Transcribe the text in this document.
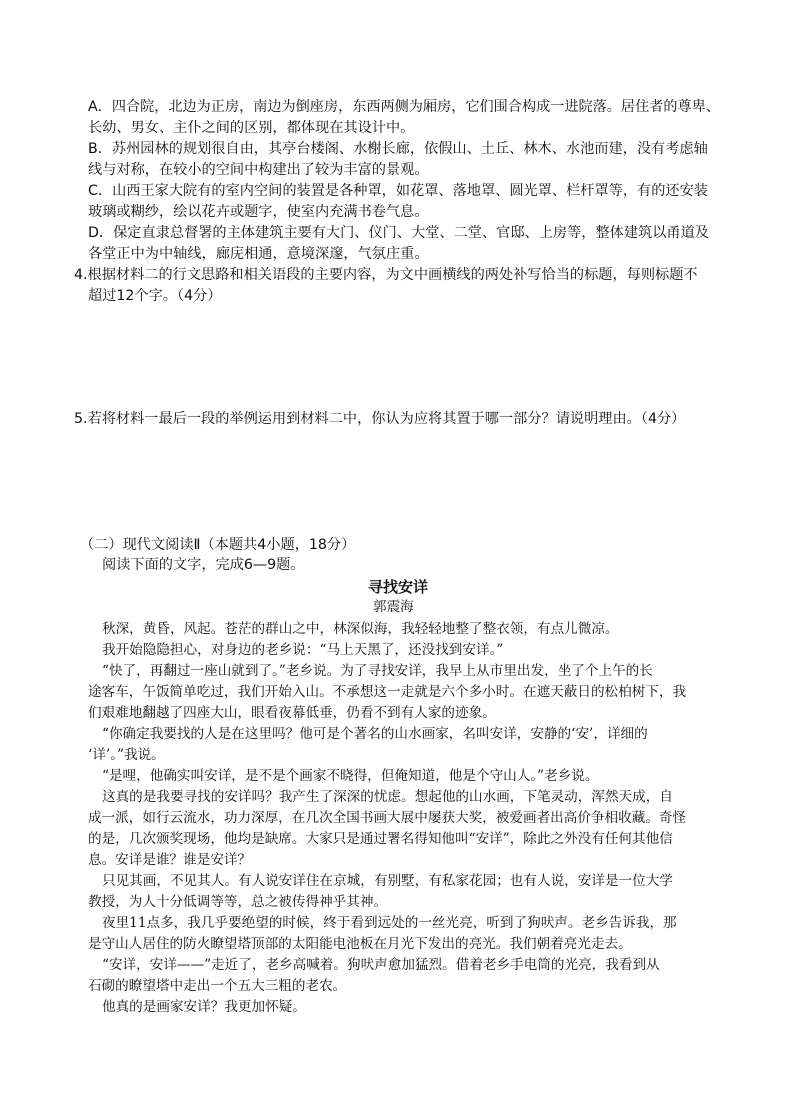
A．四合院，北边为正房，南边为倒座房，东西两侧为厢房，它们围合构成一进院落。居住者的尊卑、
长幼、男女、主仆之间的区别，都体现在其设计中。
B．苏州园林的规划很自由，其亭台楼阁、水榭长廊，依假山、土丘、林木、水池而建，没有考虑轴
线与对称，在较小的空间中构建出了较为丰富的景观。
C．山西王家大院有的室内空间的装置是各种罩，如花罩、落地罩、圆光罩、栏杆罩等，有的还安装
玻璃或糊纱，绘以花卉或题字，使室内充满书卷气息。
D．保定直隶总督署的主体建筑主要有大门、仪门、大堂、二堂、官邸、上房等，整体建筑以甬道及
各堂正中为中轴线，廊庑相通，意境深邃，气氛庄重。
4.根据材料二的行文思路和相关语段的主要内容，为文中画横线的两处补写恰当的标题，每则标题不
超过12个字。（4分）
5.若将材料一最后一段的举例运用到材料二中，你认为应将其置于哪一部分？请说明理由。（4分）
（二）现代文阅读Ⅱ（本题共4小题，18分）
阅读下面的文字，完成6—9题。
寻找安详
郭震海
秋深，黄昏，风起。苍茫的群山之中，林深似海，我轻轻地整了整衣领，有点儿微凉。
我开始隐隐担心，对身边的老乡说：“马上天黑了，还没找到安详。”
“快了，再翻过一座山就到了。”老乡说。为了寻找安详，我早上从市里出发，坐了个上午的长
途客车，午饭简单吃过，我们开始入山。不承想这一走就是六个多小时。在遮天蔽日的松柏树下，我
们艰难地翻越了四座大山，眼看夜幕低垂，仍看不到有人家的迹象。
“你确定我要找的人是在这里吗？他可是个著名的山水画家，名叫安详，安静的‘安’，详细的
‘详’。”我说。
“是哩，他确实叫安详，是不是个画家不晓得，但俺知道，他是个守山人。”老乡说。
这真的是我要寻找的安详吗？我产生了深深的忧虑。想起他的山水画，下笔灵动，浑然天成，自
成一派，如行云流水，功力深厚，在几次全国书画大展中屡获大奖，被爱画者出高价争相收藏。奇怪
的是，几次颁奖现场，他均是缺席。大家只是通过署名得知他叫“安详”，除此之外没有任何其他信
息。安详是谁？谁是安详？
只见其画，不见其人。有人说安详住在京城，有别墅，有私家花园；也有人说，安详是一位大学
教授，为人十分低调等等，总之被传得神乎其神。
夜里11点多，我几乎要绝望的时候，终于看到远处的一丝光亮，听到了狗吠声。老乡告诉我，那
是守山人居住的防火瞭望塔顶部的太阳能电池板在月光下发出的亮光。我们朝着亮光走去。
“安详，安详——”走近了，老乡高喊着。狗吠声愈加猛烈。借着老乡手电筒的光亮，我看到从
石砌的瞭望塔中走出一个五大三粗的老农。
他真的是画家安详？我更加怀疑。
